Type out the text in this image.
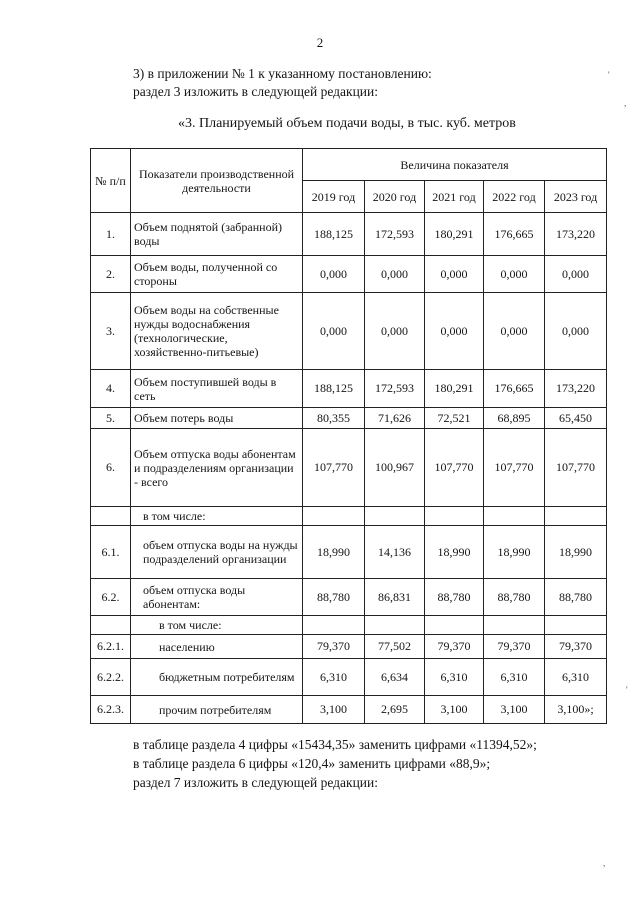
2
3) в приложении № 1 к указанному постановлению:
раздел 3 изложить в следующей редакции:
«3. Планируемый объем подачи воды, в тыс. куб. метров
№ п/п	Показатели производственной деятельности	Величина показателя				
		2019 год	2020 год	2021 год	2022 год	2023 год
1.	Объем поднятой (забранной) воды	188,125	172,593	180,291	176,665	173,220
2.	Объем воды, полученной со стороны	0,000	0,000	0,000	0,000	0,000
3.	Объем воды на собственные нужды водоснабжения (технологические, хозяйственно-питьевые)	0,000	0,000	0,000	0,000	0,000
4.	Объем поступившей воды в сеть	188,125	172,593	180,291	176,665	173,220
5.	Объем потерь воды	80,355	71,626	72,521	68,895	65,450
6.	Объем отпуска воды абонентам и подразделениям организации - всего	107,770	100,967	107,770	107,770	107,770
	в том числе:					
6.1.	объем отпуска воды на нужды подразделений организации	18,990	14,136	18,990	18,990	18,990
6.2.	объем отпуска воды абонентам:	88,780	86,831	88,780	88,780	88,780
	в том числе:					
6.2.1.	населению	79,370	77,502	79,370	79,370	79,370
6.2.2.	бюджетным потребителям	6,310	6,634	6,310	6,310	6,310
6.2.3.	прочим потребителям	3,100	2,695	3,100	3,100	3,100»;
в таблице раздела 4 цифры «15434,35» заменить цифрами «11394,52»;
в таблице раздела 6 цифры «120,4» заменить цифрами «88,9»;
раздел 7 изложить в следующей редакции:
'
,
'
,
